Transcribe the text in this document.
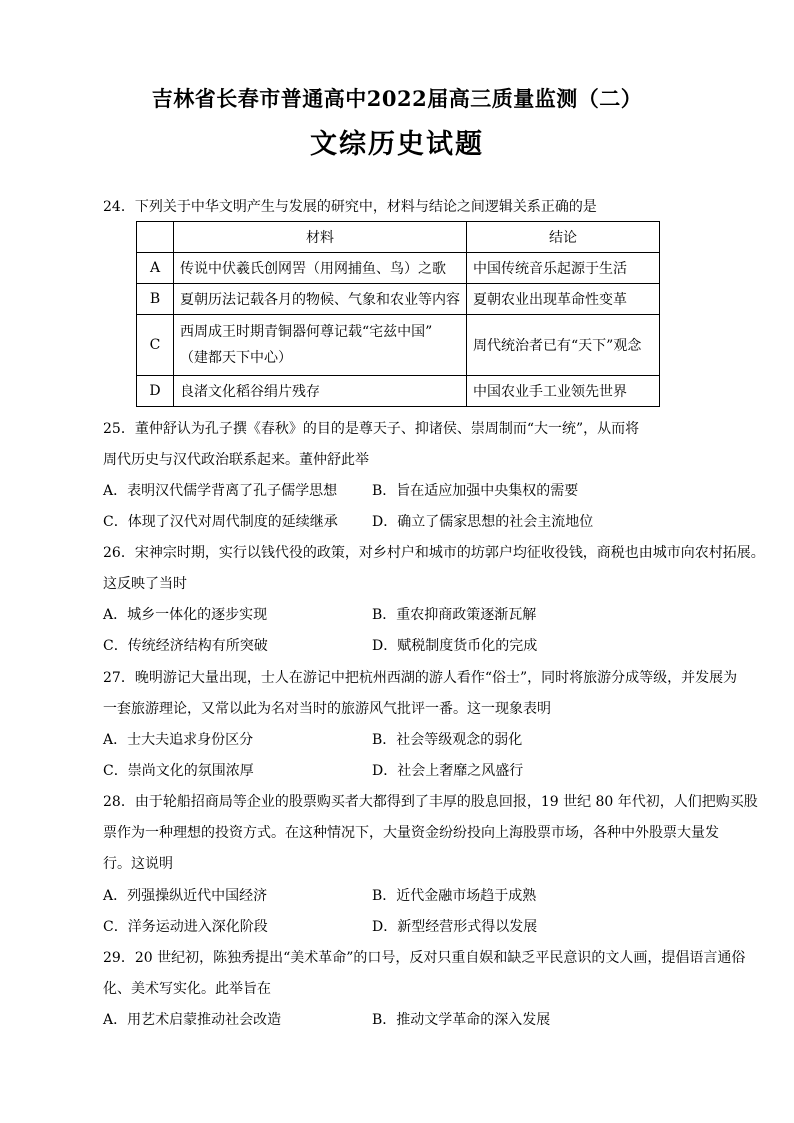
吉林省长春市普通高中2022届高三质量监测（二）
文综历史试题
24．下列关于中华文明产生与发展的研究中，材料与结论之间逻辑关系正确的是
	材料	结论
A	传说中伏羲氏创网罟（用网捕鱼、鸟）之歌	中国传统音乐起源于生活
B	夏朝历法记载各月的物候、气象和农业等内容	夏朝农业出现革命性变革
C	西周成王时期青铜器何尊记载“宅兹中国”
（建都天下中心）	周代统治者已有“天下”观念
D	良渚文化稻谷绢片残存	中国农业手工业领先世界
25．董仲舒认为孔子撰《春秋》的目的是尊天子、抑诸侯、崇周制而“大一统”，从而将
周代历史与汉代政治联系起来。董仲舒此举
A．表明汉代儒学背离了孔子儒学思想 B．旨在适应加强中央集权的需要
C．体现了汉代对周代制度的延续继承 D．确立了儒家思想的社会主流地位
26．宋神宗时期，实行以钱代役的政策，对乡村户和城市的坊郭户均征收役钱，商税也由城市向农村拓展。
这反映了当时
A．城乡一体化的逐步实现	B．重农抑商政策逐渐瓦解
C．传统经济结构有所突破	D．赋税制度货币化的完成
27．晚明游记大量出现，士人在游记中把杭州西湖的游人看作“俗士”，同时将旅游分成等级，并发展为
一套旅游理论，又常以此为名对当时的旅游风气批评一番。这一现象表明
A．士大夫追求身份区分	B．社会等级观念的弱化
C．崇尚文化的氛围浓厚	D．社会上奢靡之风盛行
28．由于轮船招商局等企业的股票购买者大都得到了丰厚的股息回报，19 世纪 80 年代初，人们把购买股
票作为一种理想的投资方式。在这种情况下，大量资金纷纷投向上海股票市场，各种中外股票大量发
行。这说明
A．列强操纵近代中国经济	B．近代金融市场趋于成熟
C．洋务运动进入深化阶段	D．新型经营形式得以发展
29．20 世纪初，陈独秀提出“美术革命”的口号，反对只重自娱和缺乏平民意识的文人画，提倡语言通俗
化、美术写实化。此举旨在
A．用艺术启蒙推动社会改造	B．推动文学革命的深入发展
